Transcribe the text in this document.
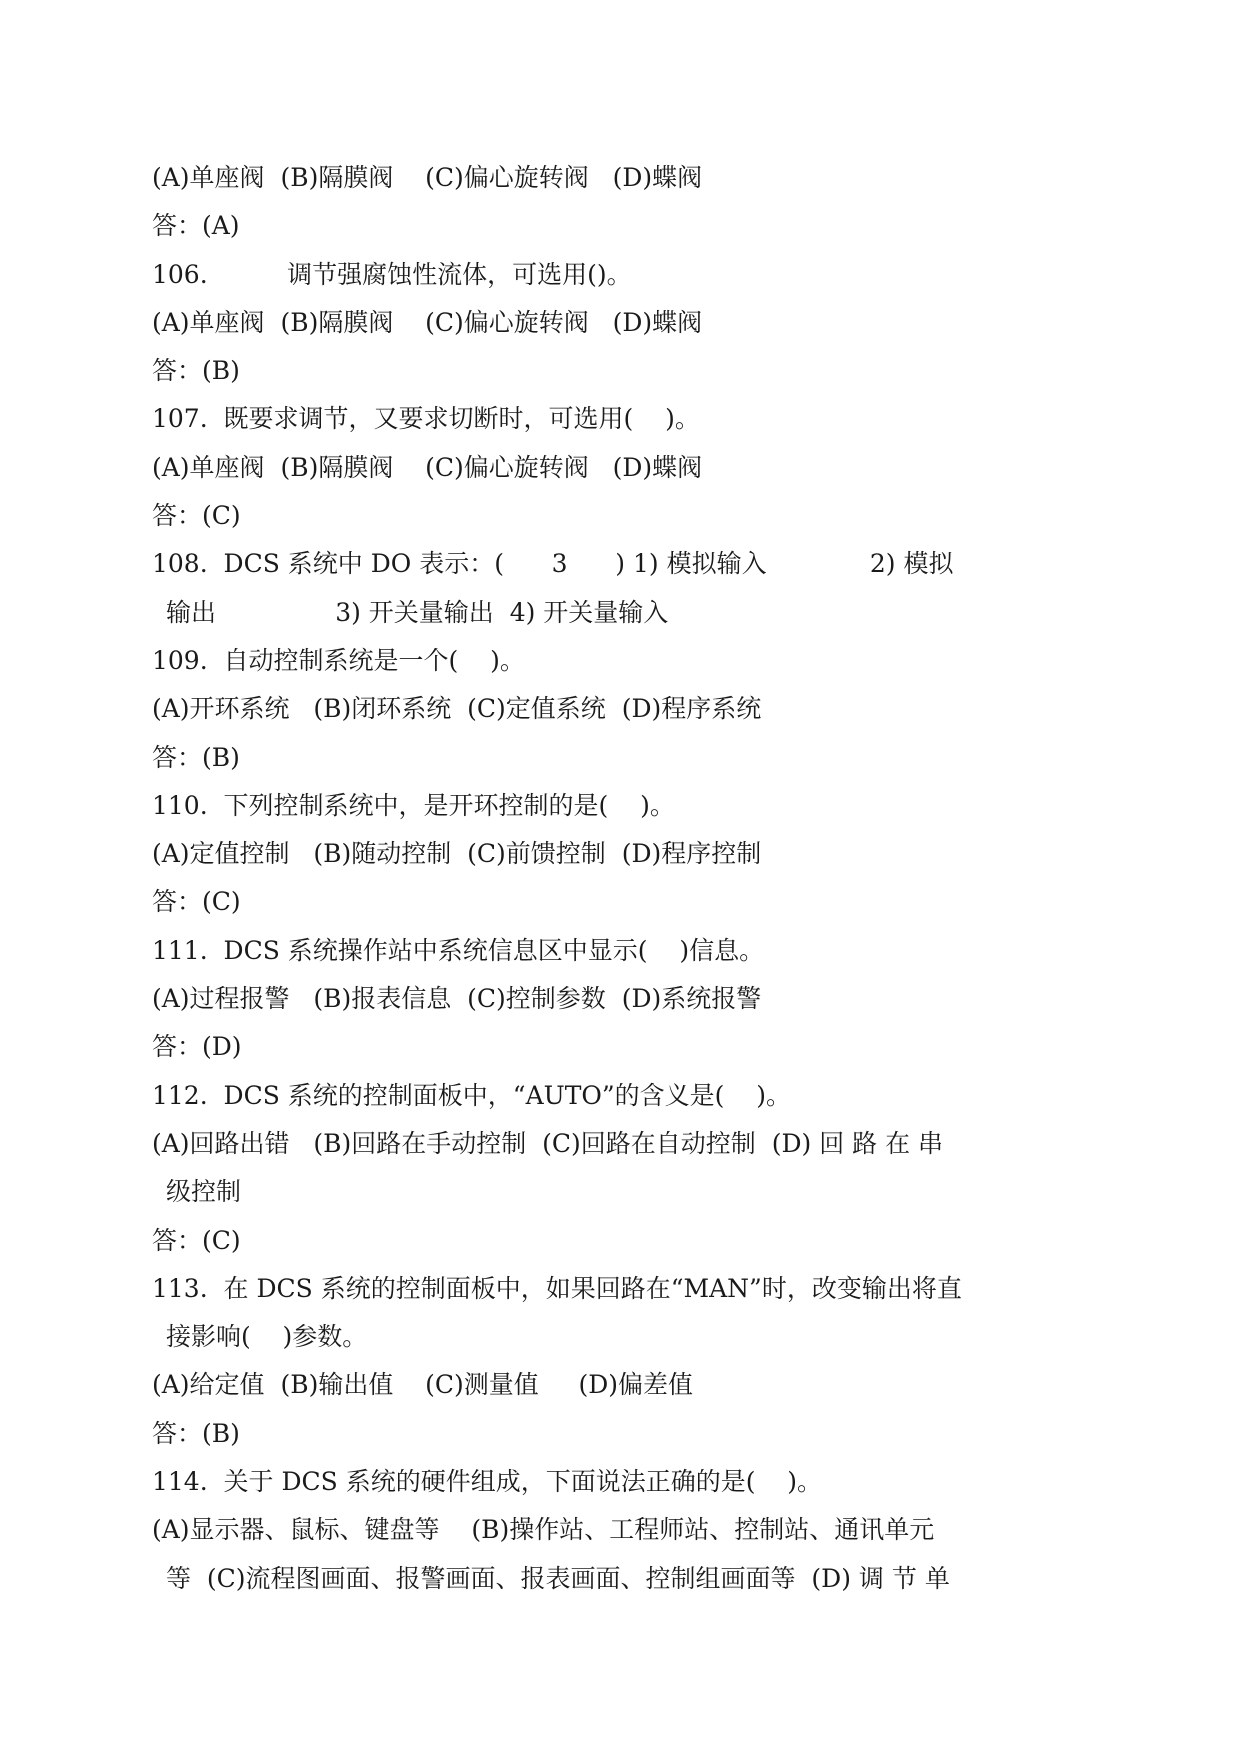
(A)单座阀  (B)隔膜阀    (C)偏心旋转阀   (D)蝶阀
答：(A)
106.          调节强腐蚀性流体，可选用()。
(A)单座阀  (B)隔膜阀    (C)偏心旋转阀   (D)蝶阀
答：(B)
107.  既要求调节，又要求切断时，可选用(    )。
(A)单座阀  (B)隔膜阀    (C)偏心旋转阀   (D)蝶阀
答：(C)
108.  DCS 系统中 DO 表示：(      3      ) 1) 模拟输入             2) 模拟
输出               3) 开关量输出  4) 开关量输入
109.  自动控制系统是一个(    )。
(A)开环系统   (B)闭环系统  (C)定值系统  (D)程序系统
答：(B)
110.  下列控制系统中，是开环控制的是(    )。
(A)定值控制   (B)随动控制  (C)前馈控制  (D)程序控制
答：(C)
111.  DCS 系统操作站中系统信息区中显示(    )信息。
(A)过程报警   (B)报表信息  (C)控制参数  (D)系统报警
答：(D)
112.  DCS 系统的控制面板中，“AUTO”的含义是(    )。
(A)回路出错   (B)回路在手动控制  (C)回路在自动控制  (D) 回 路 在 串
级控制
答：(C)
113.  在 DCS 系统的控制面板中，如果回路在“MAN”时，改变输出将直
接影响(    )参数。
(A)给定值  (B)输出值    (C)测量值     (D)偏差值
答：(B)
114.  关于 DCS 系统的硬件组成，下面说法正确的是(    )。
(A)显示器、鼠标、键盘等    (B)操作站、工程师站、控制站、通讯单元
等  (C)流程图画面、报警画面、报表画面、控制组画面等  (D) 调 节 单
